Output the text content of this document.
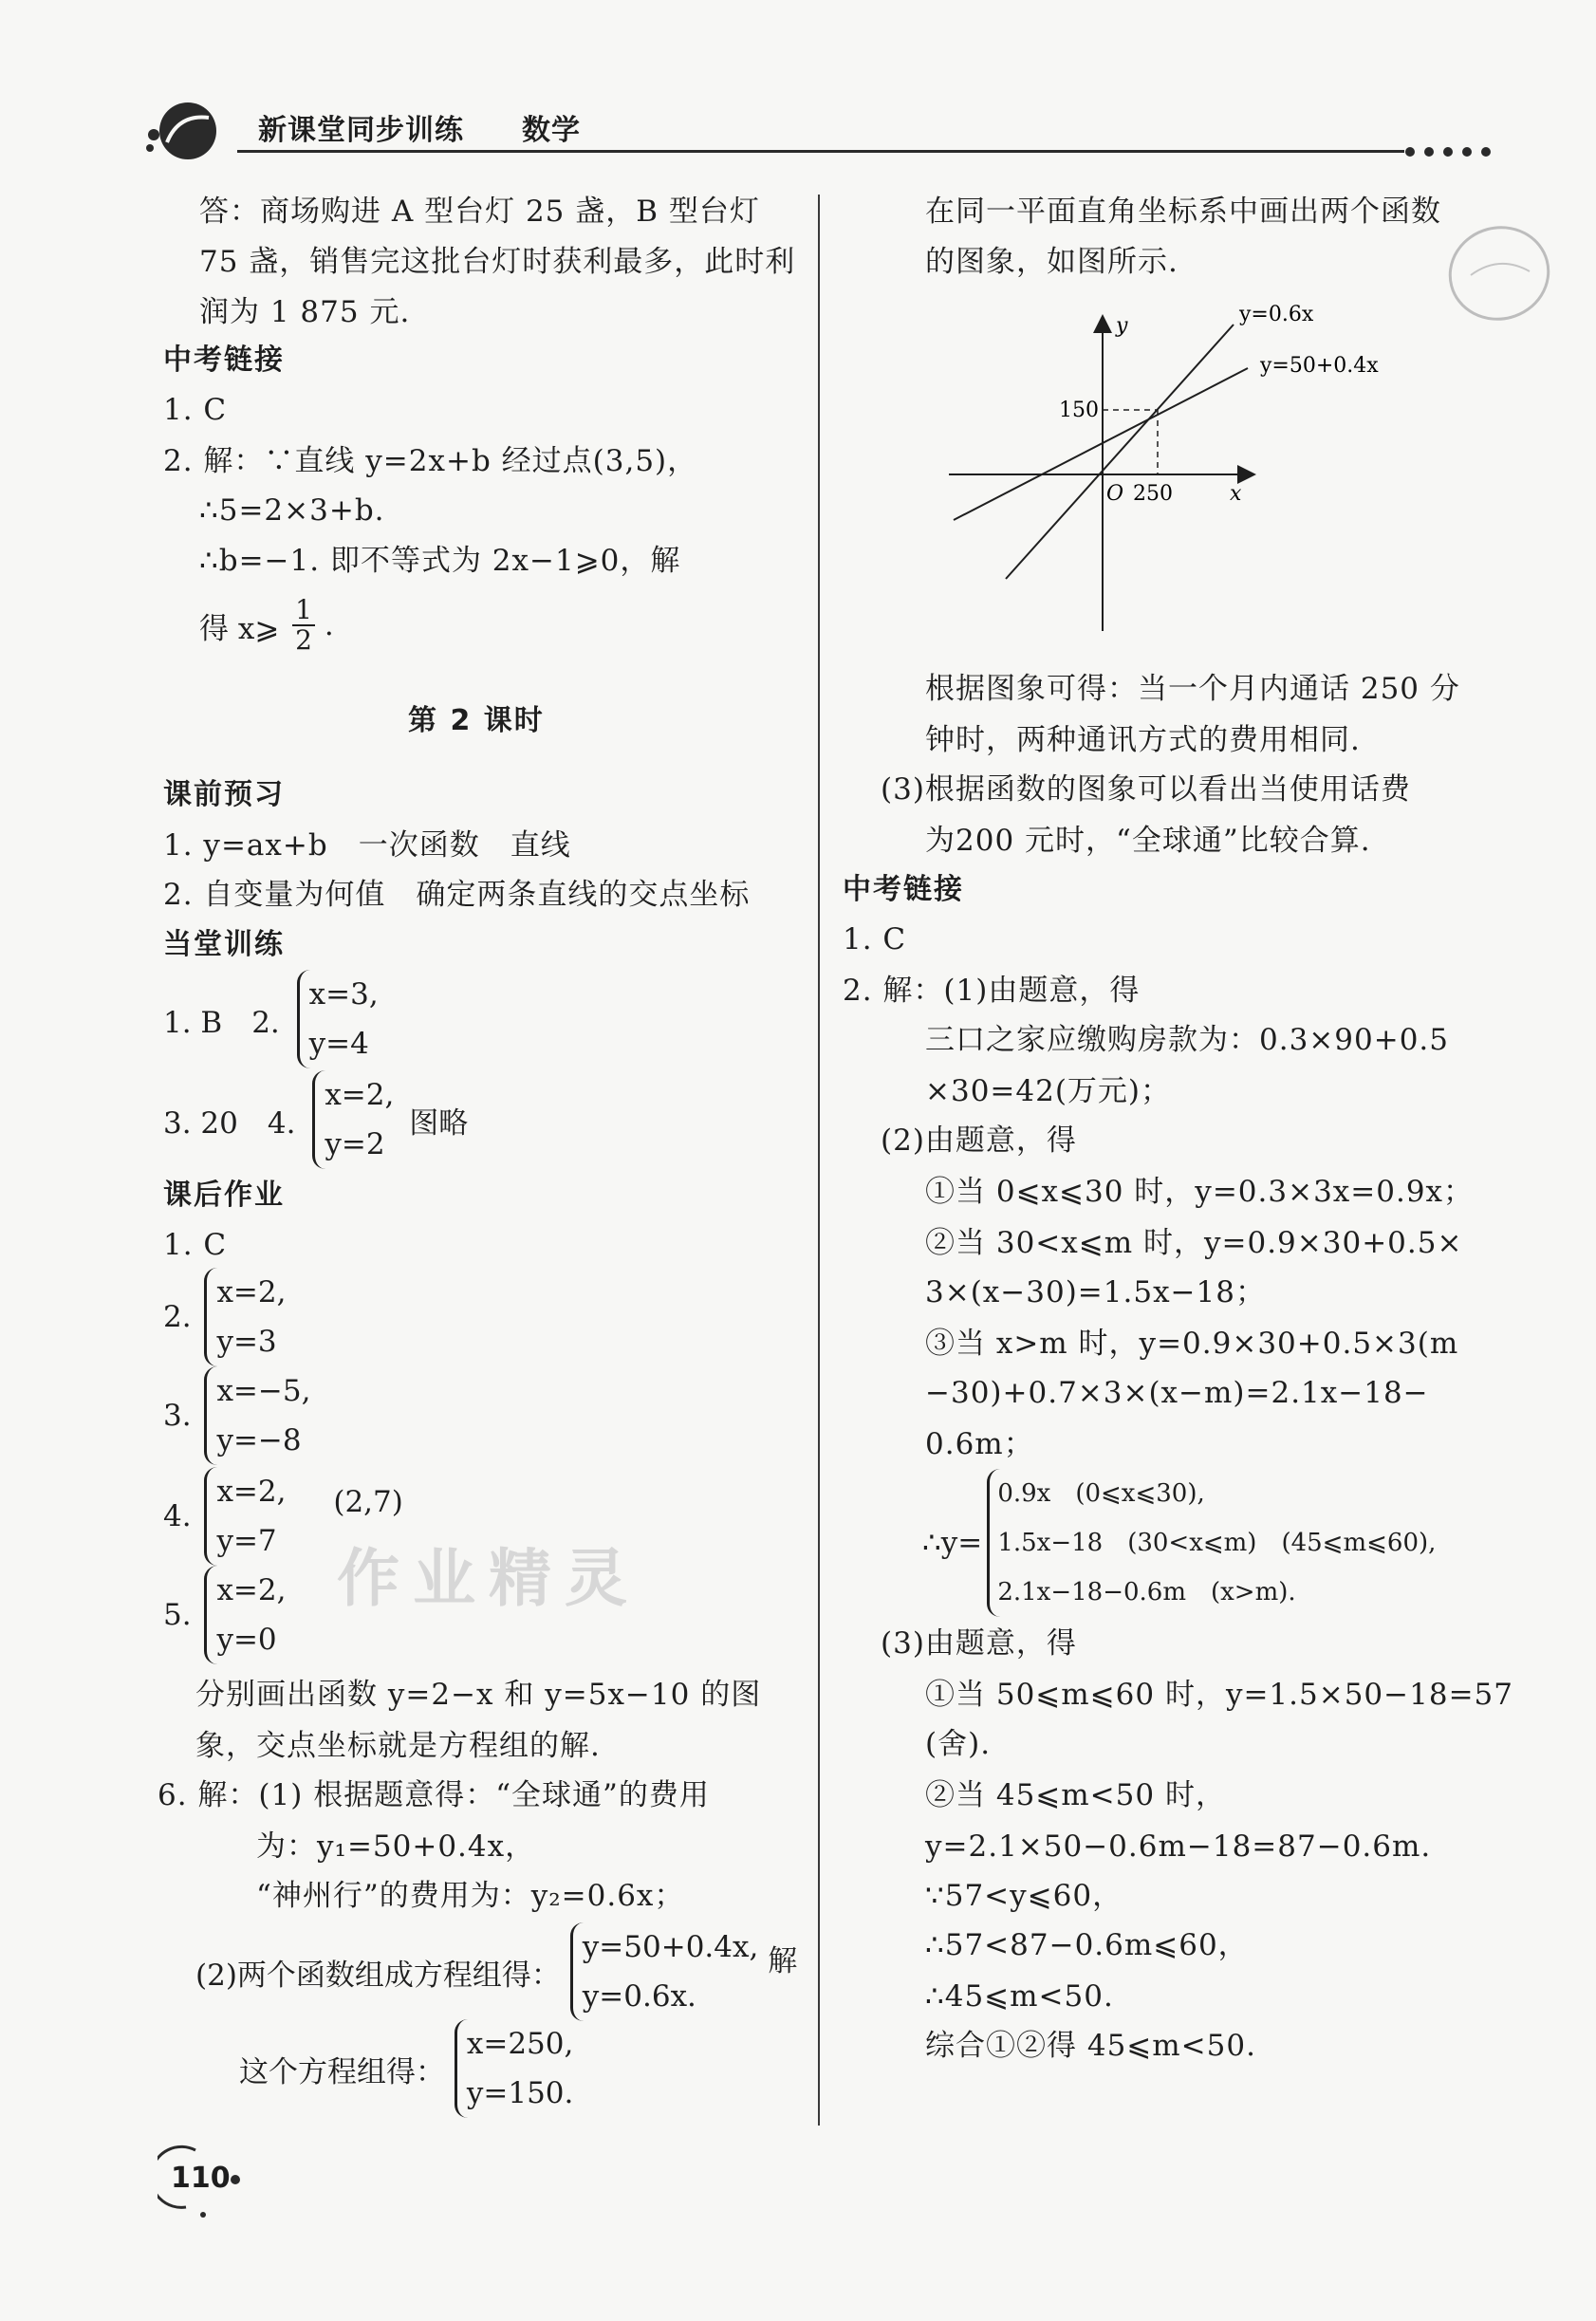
新课堂同步训练 数学
作业精灵
答：商场购进 A 型台灯 25 盏，B 型台灯
75 盏，销售完这批台灯时获利最多，此时利
润为 1 875 元.
中考链接
1. C
2. 解：∵直线 y=2x+b 经过点(3,5)，
∴5=2×3+b.
∴b=−1. 即不等式为 2x−1⩾0，解
得 x⩾ $\frac{1}{2}$ .
第 2 课时
课前预习
1. y=ax+b　一次函数　直线
2. 自变量为何值　确定两条直线的交点坐标
当堂训练
1. B　2.
x=3,
y=4
3. 20　4.
x=2,
y=2
图略
课后作业
1. C
2.
x=2,
y=3
3.
x=−5,
y=−8
4.
x=2,
y=7
(2,7)
5.
x=2,
y=0
分别画出函数 y=2−x 和 y=5x−10 的图
象，交点坐标就是方程组的解.
6. 解：(1) 根据题意得：“全球通”的费用
为：y₁=50+0.4x，
“神州行”的费用为：y₂=0.6x；
(2)两个函数组成方程组得：
y=50+0.4x,
y=0.6x.
解
这个方程组得：
x=250,
y=150.
在同一平面直角坐标系中画出两个函数
的图象，如图所示.
y
x
O 250
150
y=0.6x
y=50+0.4x
根据图象可得：当一个月内通话 250 分
钟时，两种通讯方式的费用相同.
(3)根据函数的图象可以看出当使用话费
为200 元时，“全球通”比较合算.
中考链接
1. C
2. 解：(1)由题意，得
三口之家应缴购房款为：0.3×90+0.5
×30=42(万元)；
(2)由题意，得
①当 0⩽x⩽30 时，y=0.3×3x=0.9x；
②当 30<x⩽m 时，y=0.9×30+0.5×
3×(x−30)=1.5x−18；
③当 x>m 时，y=0.9×30+0.5×3(m
−30)+0.7×3×(x−m)=2.1x−18−
0.6m；
∴y=
0.9x　(0⩽x⩽30),
1.5x−18　(30<x⩽m)　(45⩽m⩽60),
2.1x−18−0.6m　(x>m).
(3)由题意，得
①当 50⩽m⩽60 时，y=1.5×50−18=57
(舍).
②当 45⩽m<50 时，
y=2.1×50−0.6m−18=87−0.6m.
∵57<y⩽60，
∴57<87−0.6m⩽60，
∴45⩽m<50.
综合①②得 45⩽m<50.
110
